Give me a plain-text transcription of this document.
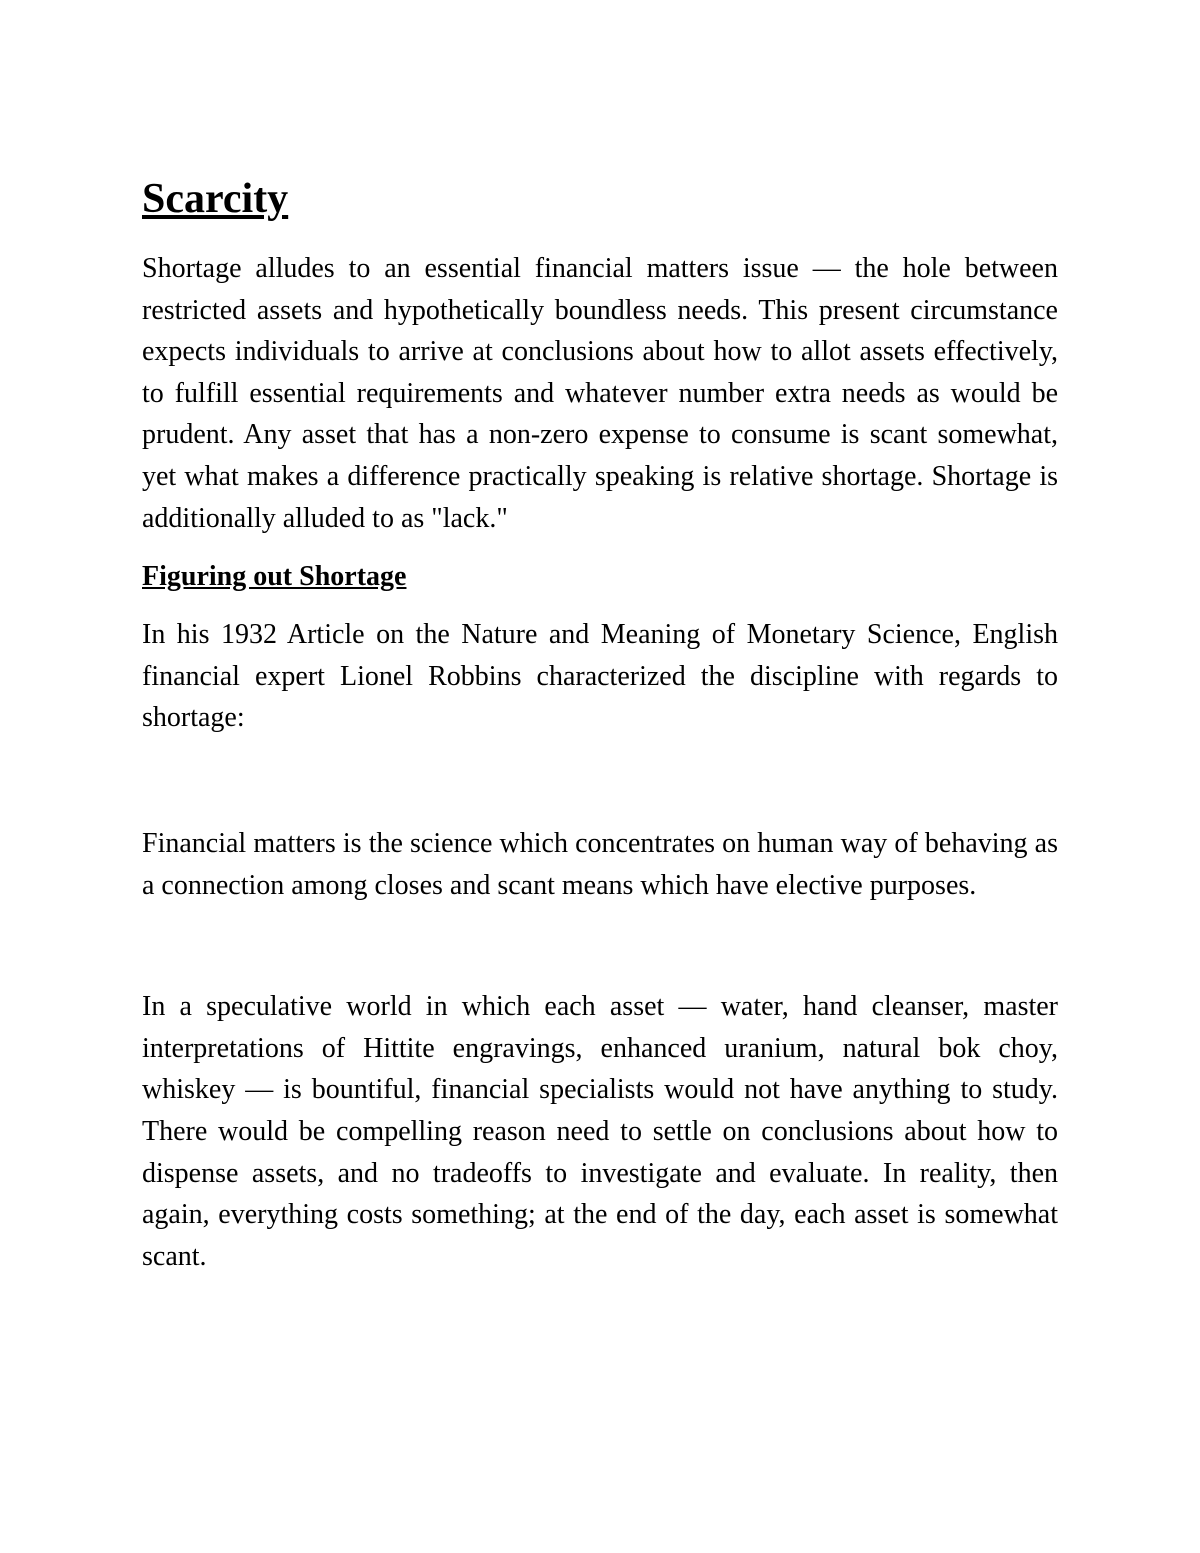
Scarcity

Shortage alludes to an essential financial matters issue — the hole between restricted assets and hypothetically boundless needs. This present circumstance expects individuals to arrive at conclusions about how to allot assets effectively, to fulfill essential requirements and whatever number extra needs as would be prudent. Any asset that has a non-zero expense to consume is scant somewhat, yet what makes a difference practically speaking is relative shortage. Shortage is additionally alluded to as "lack."

Figuring out Shortage

In his 1932 Article on the Nature and Meaning of Monetary Science, English financial expert Lionel Robbins characterized the discipline with regards to shortage:

Financial matters is the science which concentrates on human way of behaving as a connection among closes and scant means which have elective purposes.

In a speculative world in which each asset — water, hand cleanser, master interpretations of Hittite engravings, enhanced uranium, natural bok choy, whiskey — is bountiful, financial specialists would not have anything to study. There would be compelling reason need to settle on conclusions about how to dispense assets, and no tradeoffs to investigate and evaluate. In reality, then again, everything costs something; at the end of the day, each asset is somewhat scant.
